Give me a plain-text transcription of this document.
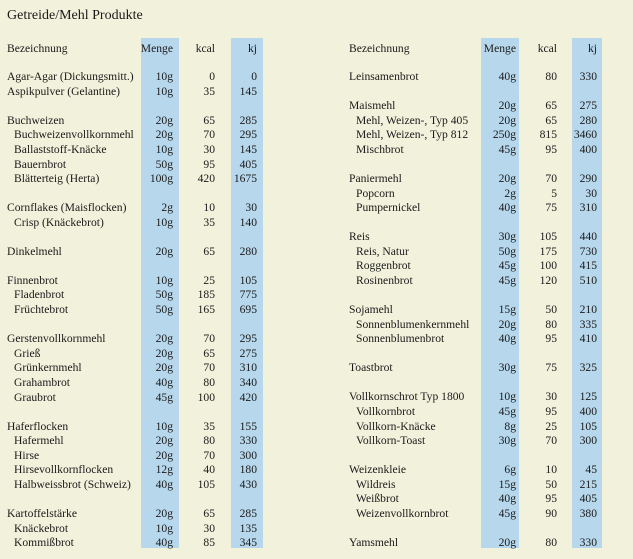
Getreide/Mehl Produkte
Bezeichnung	Menge	kcal	kj
Agar-Agar (Dickungsmitt.)	10g	0	0
Aspikpulver (Gelantine)	10g	35	145
Buchweizen	20g	65	285
Buchweizenvollkornmehl	20g	70	295
Ballaststoff-Knäcke	10g	30	145
Bauernbrot	50g	95	405
Blätterteig (Herta)	100g	420	1675
Cornflakes (Maisflocken)	2g	10	30
Crisp (Knäckebrot)	10g	35	140
Dinkelmehl	20g	65	280
Finnenbrot	10g	25	105
Fladenbrot	50g	185	775
Früchtebrot	50g	165	695
Gerstenvollkornmehl	20g	70	295
Grieß	20g	65	275
Grünkernmehl	20g	70	310
Grahambrot	40g	80	340
Graubrot	45g	100	420
Haferflocken	10g	35	155
Hafermehl	20g	80	330
Hirse	20g	70	300
Hirsevollkornflocken	12g	40	180
Halbweissbrot (Schweiz)	40g	105	430
Kartoffelstärke	20g	65	285
Knäckebrot	10g	30	135
Kommißbrot	40g	85	345
Bezeichnung	Menge	kcal	kj
Leinsamenbrot	40g	80	330
Maismehl	20g	65	275
Mehl, Weizen-, Typ 405	20g	65	280
Mehl, Weizen-, Typ 812	250g	815	3460
Mischbrot	45g	95	400
Paniermehl	20g	70	290
Popcorn	2g	5	30
Pumpernickel	40g	75	310
Reis	30g	105	440
Reis, Natur	50g	175	730
Roggenbrot	45g	100	415
Rosinenbrot	45g	120	510
Sojamehl	15g	50	210
Sonnenblumenkernmehl	20g	80	335
Sonnenblumenbrot	40g	95	410
Toastbrot	30g	75	325
Vollkornschrot Typ 1800	10g	30	125
Vollkornbrot	45g	95	400
Vollkorn-Knäcke	8g	25	105
Vollkorn-Toast	30g	70	300
Weizenkleie	6g	10	45
Wildreis	15g	50	215
Weißbrot	40g	95	405
Weizenvollkornbrot	45g	90	380
Yamsmehl	20g	80	330
